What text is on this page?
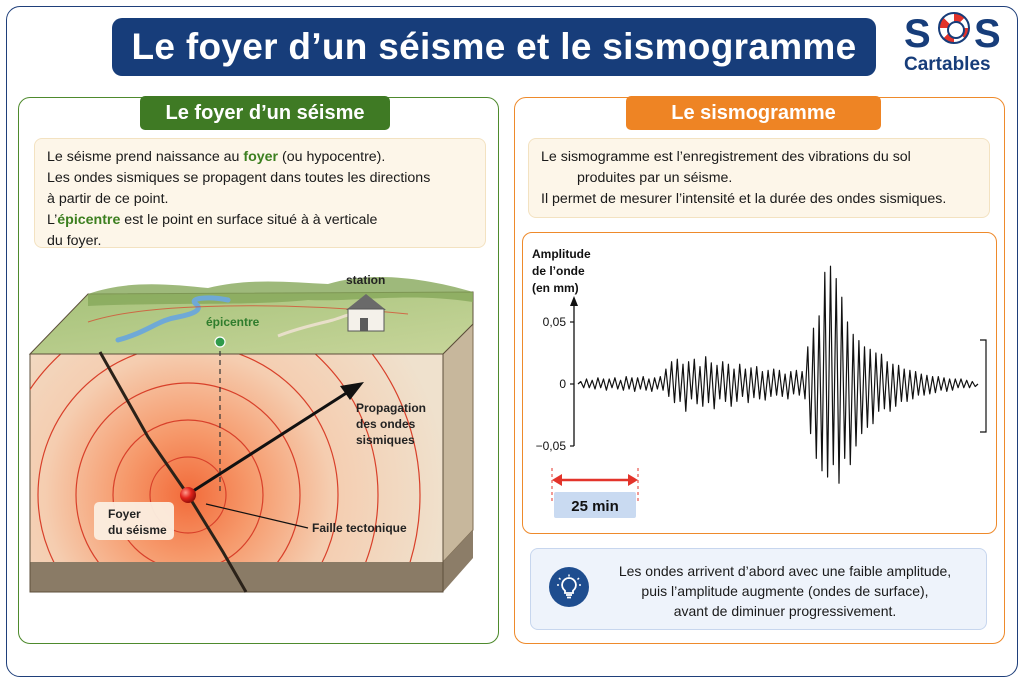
Le foyer d’un séisme et le sismogramme	S S
Cartables
Le foyer d’un séisme
Le séisme prend naissance au foyer (ou hypocentre).
Les ondes sismiques se propagent dans toutes les directions
à partir de ce point.
L’épicentre est le point en surface situé à à verticale
du foyer.
épicentre
station
Propagation
des ondes
sismiques
Faille tectonique
Foyer
du séisme
Le sismogramme
Le sismogramme est l’enregistrement des vibrations du sol
produites par un séisme.
Il permet de mesurer l’intensité et la durée des ondes sismiques.
Amplitude
de l’onde
(en mm)
0,05
0
−0,05
25 min
Les ondes arrivent d’abord avec une faible amplitude,
puis l’amplitude augmente (ondes de surface),
avant de diminuer progressivement.
